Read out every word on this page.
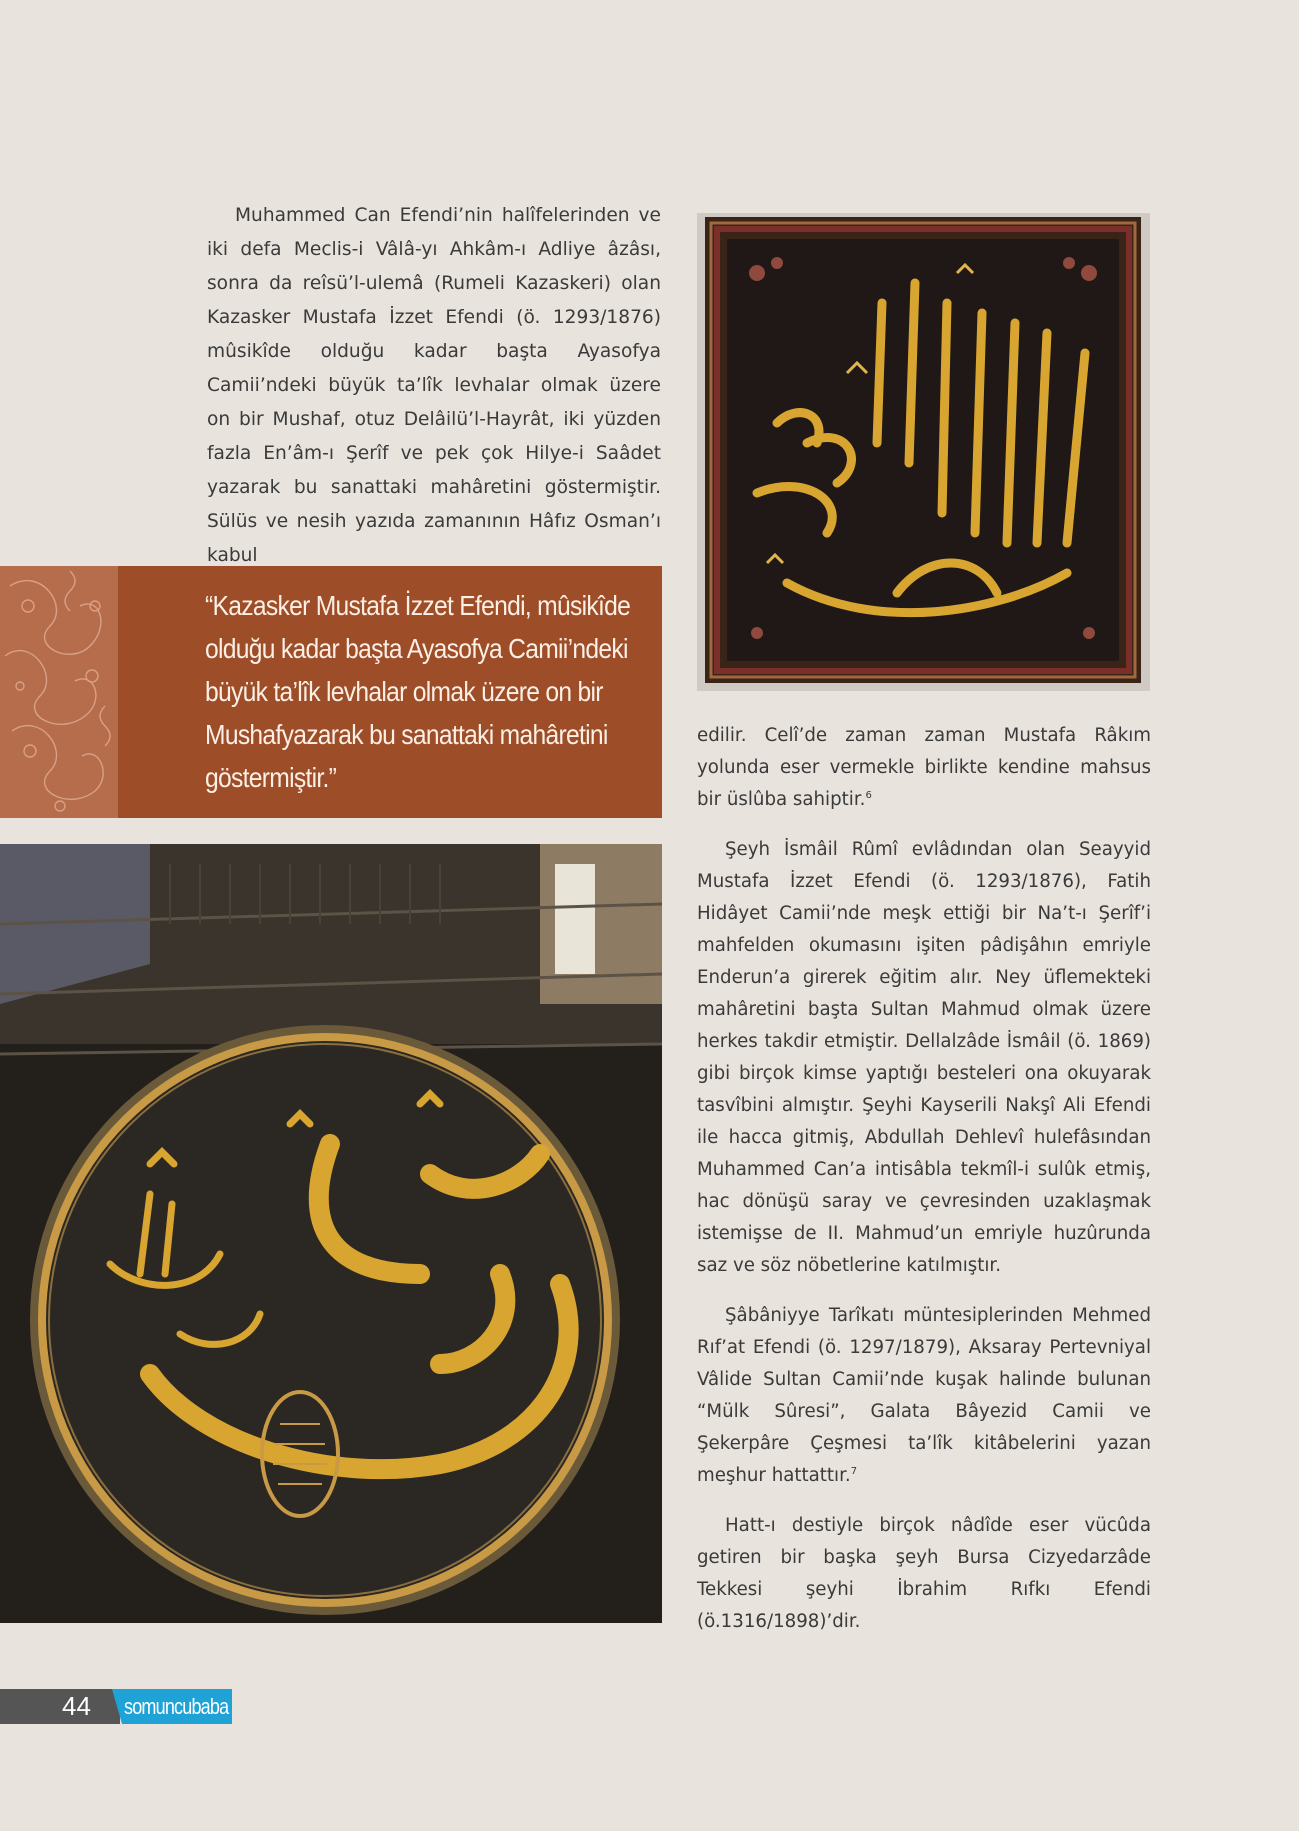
Muhammed Can Efendi’nin halîfelerinden ve iki defa Meclis-i Vâlâ-yı Ahkâm-ı Adliye âzâsı, sonra da reîsü’l-ulemâ (Rumeli Kazaskeri) olan Kazasker Mustafa İzzet Efendi (ö. 1293/1876) mûsikîde olduğu kadar başta Ayasofya Camii’ndeki büyük ta’lîk levhalar olmak üzere on bir Mushaf, otuz Delâilü’l-Hayrât, iki yüzden fazla En’âm-ı Şerîf ve pek çok Hilye-i Saâdet yazarak bu sanattaki mahâretini göstermiştir. Sülüs ve nesih yazıda zamanının Hâfız Osman’ı kabul

“Kazasker Mustafa İzzet Efendi, mûsikîde olduğu kadar başta Ayasofya Camii’ndeki büyük ta’lîk levhalar olmak üzere on bir Mushafyazarak bu sanattaki mahâretini göstermiştir.”

edilir. Celî’de zaman zaman Mustafa Râkım yolunda eser vermekle birlikte kendine mahsus bir üslûba sahiptir.$^6$

Şeyh İsmâil Rûmî evlâdından olan Seayyid Mustafa İzzet Efendi (ö. 1293/1876), Fatih Hidâyet Camii’nde meşk ettiği bir Na’t-ı Şerîf’i mahfelden okumasını işiten pâdişâhın emriyle Enderun’a girerek eğitim alır. Ney üflemekteki mahâretini başta Sultan Mahmud olmak üzere herkes takdir etmiştir. Dellalzâde İsmâil (ö. 1869) gibi birçok kimse yaptığı besteleri ona okuyarak tasvîbini almıştır. Şeyhi Kayserili Nakşî Ali Efendi ile hacca gitmiş, Abdullah Dehlevî hulefâsından Muhammed Can’a intisâbla tekmîl-i sulûk etmiş, hac dönüşü saray ve çevresinden uzaklaşmak istemişse de II. Mahmud’un emriyle huzûrunda saz ve söz nöbetlerine katılmıştır.

Şâbâniyye Tarîkatı müntesiplerinden Mehmed Rıf’at Efendi (ö. 1297/1879), Aksaray Pertevniyal Vâlide Sultan Camii’nde kuşak halinde bulunan “Mülk Sûresi”, Galata Bâyezid Camii ve Şekerpâre Çeşmesi ta’lîk kitâbelerini yazan meşhur hattattır.$^7$

Hatt-ı destiyle birçok nâdîde eser vücûda getiren bir başka şeyh Bursa Cizyedarzâde Tekkesi şeyhi İbrahim Rıfkı Efendi (ö.1316/1898)’dir.

44 somuncubaba
